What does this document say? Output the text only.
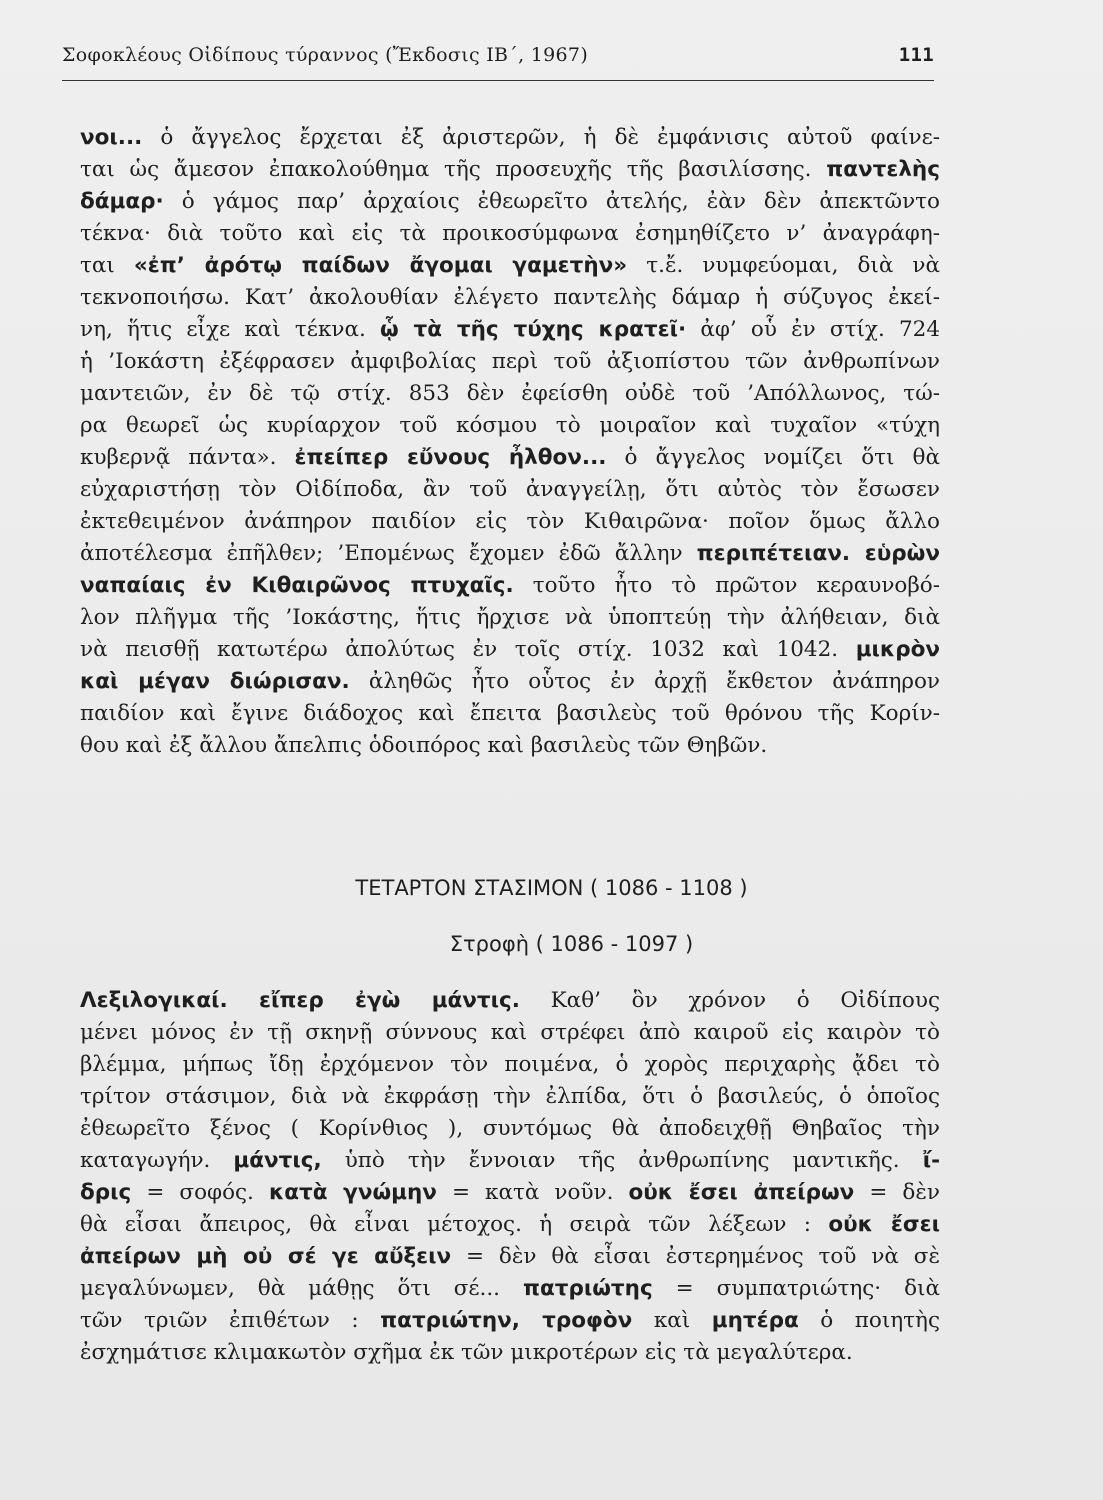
Σοφοκλέους Οἰδίπους τύραννος (Ἔκδοσις ΙΒ΄, 1967)	111
νοι... ὁ ἄγγελος ἔρχεται ἐξ ἀριστερῶν, ἡ δὲ ἐμφάνισις αὐτοῦ φαίνε-
ται ὡς ἄμεσον ἐπακολούθημα τῆς προσευχῆς τῆς βασιλίσσης. παντελὴς
δάμαρ· ὁ γάμος παρ’ ἀρχαίοις ἐθεωρεῖτο ἀτελής, ἐὰν δὲν ἀπεκτῶντο
τέκνα· διὰ τοῦτο καὶ εἰς τὰ προικοσύμφωνα ἐσημηθίζετο ν’ ἀναγράφη-
ται «ἐπ’ ἀρότῳ παίδων ἄγομαι γαμετὴν» τ.ἔ. νυμφεύομαι, διὰ νὰ
τεκνοποιήσω. Κατ’ ἀκολουθίαν ἐλέγετο παντελὴς δάμαρ ἡ σύζυγος ἐκεί-
νη, ἥτις εἶχε καὶ τέκνα. ᾧ τὰ τῆς τύχης κρατεῖ· ἀφ’ οὗ ἐν στίχ. 724
ἡ ’Ιοκάστη ἐξέφρασεν ἀμφιβολίας περὶ τοῦ ἀξιοπίστου τῶν ἀνθρωπίνων
μαντειῶν, ἐν δὲ τῷ στίχ. 853 δὲν ἐφείσθη οὐδὲ τοῦ ’Απόλλωνος, τώ-
ρα θεωρεῖ ὡς κυρίαρχον τοῦ κόσμου τὸ μοιραῖον καὶ τυχαῖον «τύχη
κυβερνᾷ πάντα». ἐπείπερ εὔνους ἦλθον... ὁ ἄγγελος νομίζει ὅτι θὰ
εὐχαριστήσῃ τὸν Οἰδίποδα, ἂν τοῦ ἀναγγείλῃ, ὅτι αὐτὸς τὸν ἔσωσεν
ἐκτεθειμένον ἀνάπηρον παιδίον εἰς τὸν Κιθαιρῶνα· ποῖον ὅμως ἄλλο
ἀποτέλεσμα ἐπῆλθεν; ’Επομένως ἔχομεν ἐδῶ ἄλλην περιπέτειαν. εὑρὼν
ναπαίαις ἐν Κιθαιρῶνος πτυχαῖς. τοῦτο ἦτο τὸ πρῶτον κεραυνοβό-
λον πλῆγμα τῆς ’Ιοκάστης, ἥτις ἤρχισε νὰ ὑποπτεύῃ τὴν ἀλήθειαν, διὰ
νὰ πεισθῇ κατωτέρω ἀπολύτως ἐν τοῖς στίχ. 1032 καὶ 1042. μικρὸν
καὶ μέγαν διώρισαν. ἀληθῶς ἦτο οὗτος ἐν ἀρχῇ ἔκθετον ἀνάπηρον
παιδίον καὶ ἔγινε διάδοχος καὶ ἔπειτα βασιλεὺς τοῦ θρόνου τῆς Κορίν-
θου καὶ ἐξ ἄλλου ἄπελπις ὁδοιπόρος καὶ βασιλεὺς τῶν Θηβῶν.
ΤΕΤΑΡΤΟΝ ΣΤΑΣΙΜΟΝ ( 1086 - 1108 )
Στροφὴ ( 1086 - 1097 )
Λεξιλογικαί. εἴπερ ἐγὼ μάντις. Καθ’ ὃν χρόνον ὁ Οἰδίπους
μένει μόνος ἐν τῇ σκηνῇ σύννους καὶ στρέφει ἀπὸ καιροῦ εἰς καιρὸν τὸ
βλέμμα, μήπως ἴδῃ ἐρχόμενον τὸν ποιμένα, ὁ χορὸς περιχαρὴς ᾄδει τὸ
τρίτον στάσιμον, διὰ νὰ ἐκφράσῃ τὴν ἐλπίδα, ὅτι ὁ βασιλεύς, ὁ ὁποῖος
ἐθεωρεῖτο ξένος ( Κορίνθιος ), συντόμως θὰ ἀποδειχθῇ Θηβαῖος τὴν
καταγωγήν. μάντις, ὑπὸ τὴν ἔννοιαν τῆς ἀνθρωπίνης μαντικῆς. ἴ-
δρις = σοφός. κατὰ γνώμην = κατὰ νοῦν. οὐκ ἔσει ἀπείρων = δὲν
θὰ εἶσαι ἄπειρος, θὰ εἶναι μέτοχος. ἡ σειρὰ τῶν λέξεων : οὐκ ἔσει
ἀπείρων μὴ οὐ σέ γε αὔξειν = δὲν θὰ εἶσαι ἐστερημένος τοῦ νὰ σὲ
μεγαλύνωμεν, θὰ μάθῃς ὅτι σέ... πατριώτης = συμπατριώτης· διὰ
τῶν τριῶν ἐπιθέτων : πατριώτην, τροφὸν καὶ μητέρα ὁ ποιητὴς
ἐσχημάτισε κλιμακωτὸν σχῆμα ἐκ τῶν μικροτέρων εἰς τὰ μεγαλύτερα.
